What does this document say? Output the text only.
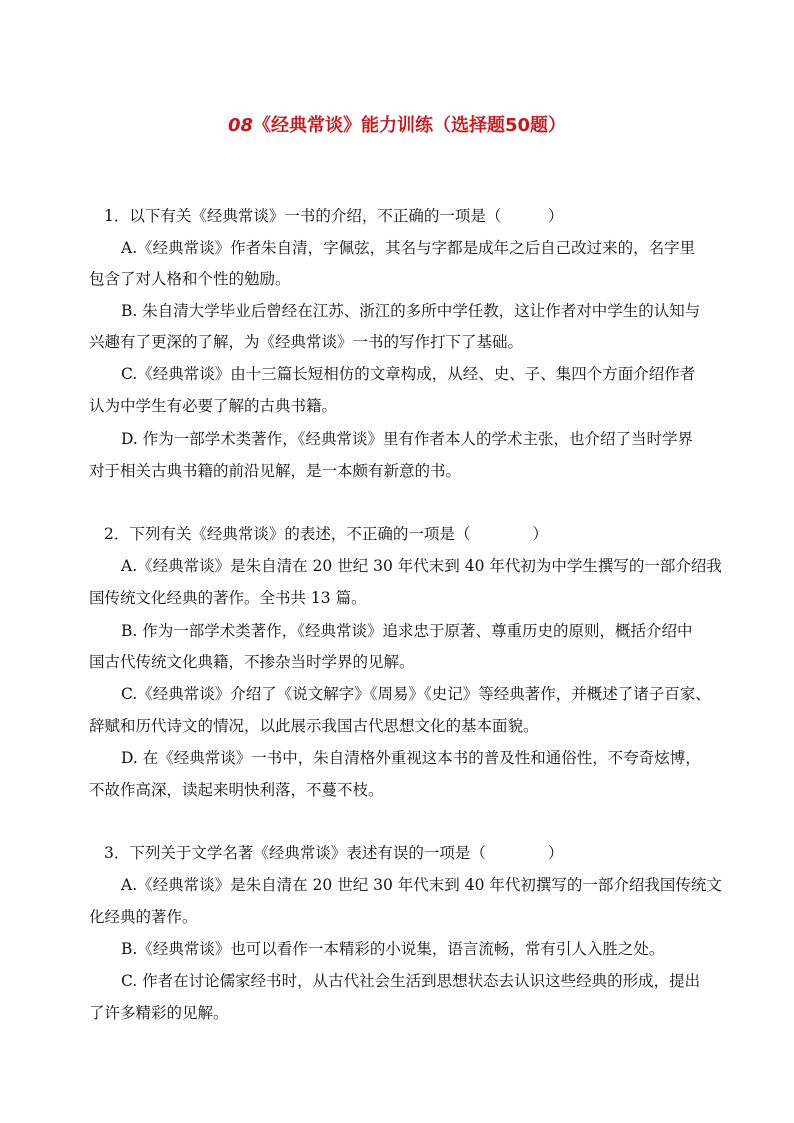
08《经典常谈》能力训练（选择题50题）
1．以下有关《经典常谈》一书的介绍，不正确的一项是（　　　）
A.《经典常谈》作者朱自清，字佩弦，其名与字都是成年之后自己改过来的，名字里
包含了对人格和个性的勉励。
B. 朱自清大学毕业后曾经在江苏、浙江的多所中学任教，这让作者对中学生的认知与
兴趣有了更深的了解，为《经典常谈》一书的写作打下了基础。
C.《经典常谈》由十三篇长短相仿的文章构成，从经、史、子、集四个方面介绍作者
认为中学生有必要了解的古典书籍。
D. 作为一部学术类著作，《经典常谈》里有作者本人的学术主张，也介绍了当时学界
对于相关古典书籍的前沿见解，是一本颇有新意的书。
2．下列有关《经典常谈》的表述，不正确的一项是（　　　　）
A.《经典常谈》是朱自清在 20 世纪 30 年代末到 40 年代初为中学生撰写的一部介绍我
国传统文化经典的著作。全书共 13 篇。
B. 作为一部学术类著作，《经典常谈》追求忠于原著、尊重历史的原则，概括介绍中
国古代传统文化典籍，不掺杂当时学界的见解。
C.《经典常谈》介绍了《说文解字》《周易》《史记》等经典著作，并概述了诸子百家、
辞赋和历代诗文的情况，以此展示我国古代思想文化的基本面貌。
D. 在《经典常谈》一书中，朱自清格外重视这本书的普及性和通俗性，不夸奇炫博，
不故作高深，读起来明快利落，不蔓不枝。
3．下列关于文学名著《经典常谈》表述有误的一项是（　　　　）
A.《经典常谈》是朱自清在 20 世纪 30 年代末到 40 年代初撰写的一部介绍我国传统文
化经典的著作。
B.《经典常谈》也可以看作一本精彩的小说集，语言流畅，常有引人入胜之处。
C. 作者在讨论儒家经书时，从古代社会生活到思想状态去认识这些经典的形成，提出
了许多精彩的见解。
